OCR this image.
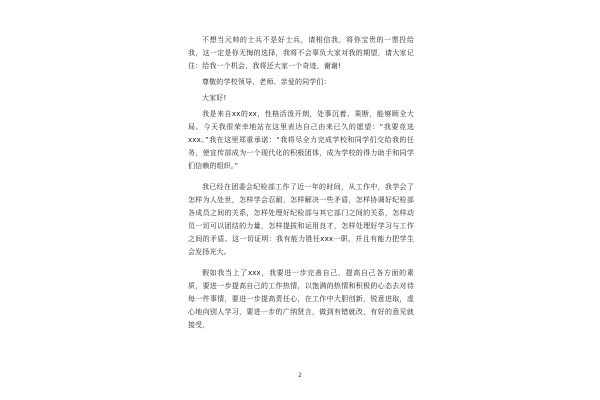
不想当元帅的士兵不是好士兵，请相信我，将你宝贵的一票投给我，这一定是你无悔的选择，我将不会辜负大家对我的期望，请大家记住：给我一个机会，我将还大家一个奇迹，谢谢!

尊敬的学校领导、老师、亲爱的同学们：

大家好!

我是来自xx的xx，性格活泼开朗，处事沉着、果断，能够顾全大局。今天我很荣幸地站在这里表达自己由来已久的愿望：“我要竞选xxx。”我在这里郑重承诺：“我将尽全力完成学校和同学们交给我的任务，使宣传部成为一个现代化的积极团体，成为学校的得力助手和同学们信赖的组织。”

我已经在团委会纪检部工作了近一年的时间，从工作中，我学会了怎样为人处世，怎样学会忍耐，怎样解决一些矛盾，怎样协调好纪检部各成员之间的关系，怎样处理好纪检部与其它部门之间的关系，怎样动员一切可以团结的力量，怎样提拔和运用良才，怎样处理好学习与工作之间的矛盾。这一切证明：我有能力胜任xxx一职，并且有能力把学生会发扬光大。

假如我当上了xxx，我要进一步完善自己，提高自己各方面的素质，要进一步提高自己的工作热情，以饱满的热情和积极的心态去对待每一件事情，要进一步提高责任心，在工作中大胆创新，锐意进取，虚心地向别人学习，要进一步的广纳贤言，做到有错就改，有好的意见就接受，

2
